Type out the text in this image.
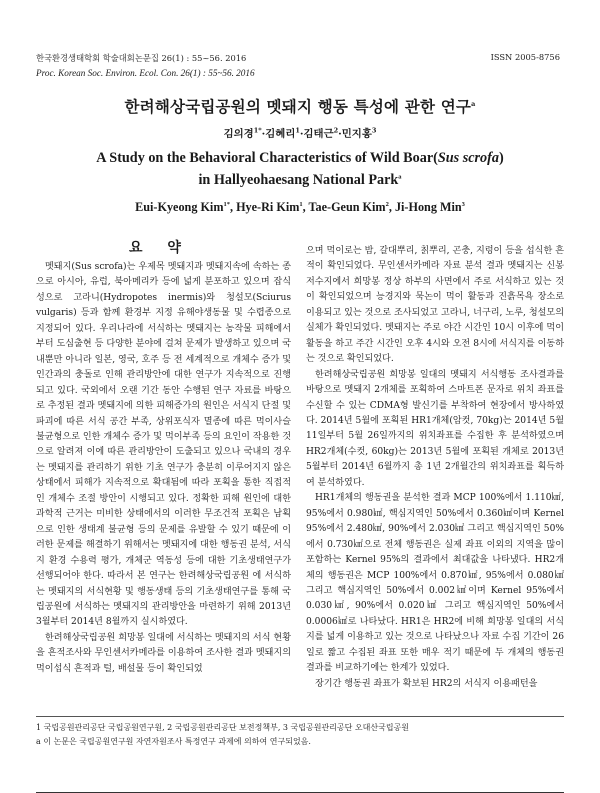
한국환경생태학회 학술대회논문집 26(1) : 55~56. 2016	ISSN 2005-8756
Proc. Korean Soc. Environ. Ecol. Con. 26(1) : 55~56. 2016
한려해상국립공원의 멧돼지 행동 특성에 관한 연구$^a$
김의경$^{1*}$·김혜리$^1$·김태근$^2$·민지홍$^3$
A Study on the Behavioral Characteristics of Wild Boar(Sus scrofa)
in Hallyeohaesang National Park$^a$
Eui-Kyeong Kim$^{1*}$, Hye-Ri Kim$^1$, Tae-Geun Kim$^2$, Ji-Hong Min$^3$
요 약

멧돼지(Sus scrofa)는 우제목 멧돼지과 멧돼지속에 속하는 종으로 아시아, 유럽, 북아메리카 등에 넓게 분포하고 있으며 잡식성으로 고라니(Hydropotes inermis)와 청설모(Sciurus vulgaris) 등과 함께 환경부 지정 유해야생동물 및 수렵종으로 지정되어 있다. 우리나라에 서식하는 멧돼지는 농작물 피해에서부터 도심출현 등 다양한 분야에 걸쳐 문제가 발생하고 있으며 국내뿐만 아니라 일본, 영국, 호주 등 전 세계적으로 개체수 증가 및 인간과의 충돌로 인해 관리방안에 대한 연구가 지속적으로 진행되고 있다. 국외에서 오랜 기간 동안 수행된 연구 자료를 바탕으로 추정된 결과 멧돼지에 의한 피해증가의 원인은 서식지 단절 및 파괴에 따른 서식 공간 부족, 상위포식자 멸종에 따른 먹이사슬 불균형으로 인한 개체수 증가 및 먹이부족 등의 요인이 작용한 것으로 알려져 이에 따른 관리방안이 도출되고 있으나 국내의 경우는 멧돼지를 관리하기 위한 기초 연구가 충분히 이루어지지 않은 상태에서 피해가 지속적으로 확대됨에 따라 포획을 통한 직접적인 개체수 조절 방안이 시행되고 있다. 정확한 피해 원인에 대한 과학적 근거는 미비한 상태에서의 이러한 무조건적 포획은 남획으로 인한 생태계 불균형 등의 문제를 유발할 수 있기 때문에 이러한 문제를 해결하기 위해서는 멧돼지에 대한 행동권 분석, 서식지 환경 수용력 평가, 개체군 역동성 등에 대한 기초생태연구가 선행되어야 한다. 따라서 본 연구는 한려해상국립공원 에 서식하는 멧돼지의 서식현황 및 행동생태 등의 기초생태연구를 통해 국립공원에 서식하는 멧돼지의 관리방안을 마련하기 위해 2013년 3월부터 2014년 8월까지 실시하였다.

한려해상국립공원 희망봉 일대에 서식하는 멧돼지의 서식 현황을 흔적조사와 무인센서카메라를 이용하여 조사한 결과 멧돼지의 먹이섭식 흔적과 털, 배설물 등이 확인되었

으며 먹이로는 밤, 갈대뿌리, 칡뿌리, 곤충, 지렁이 등을 섭식한 흔적이 확인되었다. 무인센서카메라 자료 분석 결과 멧돼지는 신봉저수지에서 희망봉 정상 하부의 사면에서 주로 서식하고 있는 것이 확인되었으며 능경지와 묵논이 먹이 활동과 진흙목욕 장소로 이용되고 있는 것으로 조사되었고 고라니, 너구리, 노루, 청설모의 실체가 확인되었다. 멧돼지는 주로 야간 시간인 10시 이후에 먹이활동을 하고 주간 시간인 오후 4시와 오전 8시에 서식지를 이동하는 것으로 확인되었다.

한려해상국립공원 희망봉 일대의 멧돼지 서식행동 조사결과를 바탕으로 멧돼지 2개체를 포획하여 스마트폰 문자로 위치 좌표를 수신할 수 있는 CDMA형 발신기를 부착하여 현장에서 방사하였다. 2014년 5월에 포획된 HR1개체(암컷, 70kg)는 2014년 5월 11일부터 5월 26일까지의 위치좌표를 수집한 후 분석하였으며 HR2개체(수컷, 60kg)는 2013년 5월에 포획된 개체로 2013년 5월부터 2014년 6월까지 총 1년 2개월간의 위치좌표를 획득하여 분석하였다.

HR1개체의 행동권을 분석한 결과 MCP 100%에서 1.110㎢, 95%에서 0.980㎢, 핵심지역인 50%에서 0.360㎢이며 Kernel 95%에서 2.480㎢, 90%에서 2.030㎢ 그리고 핵심지역인 50%에서 0.730㎢으로 전체 행동권은 실제 좌표 이외의 지역을 많이 포함하는 Kernel 95%의 결과에서 최대값을 나타냈다. HR2개체의 행동권은 MCP 100%에서 0.870㎢, 95%에서 0.080㎢ 그리고 핵심지역인 50%에서 0.002㎢이며 Kernel 95%에서 0.030㎢, 90%에서 0.020㎢ 그리고 핵심지역인 50%에서 0.0006㎢로 나타났다. HR1은 HR2에 비해 희망봉 일대의 서식지를 넓게 이용하고 있는 것으로 나타났으나 자료 수집 기간이 26일로 짧고 수집된 좌표 또한 매우 적기 때문에 두 개체의 행동권 결과를 비교하기에는 한계가 있었다.

장기간 행동권 좌표가 확보된 HR2의 서식지 이용패턴을

1 국립공원관리공단 국립공원연구원, 2 국립공원관리공단 보전정책부, 3 국립공원관리공단 오대산국립공원
a 이 논문은 국립공원연구원 자연자원조사 특정연구 과제에 의하여 연구되었음.
